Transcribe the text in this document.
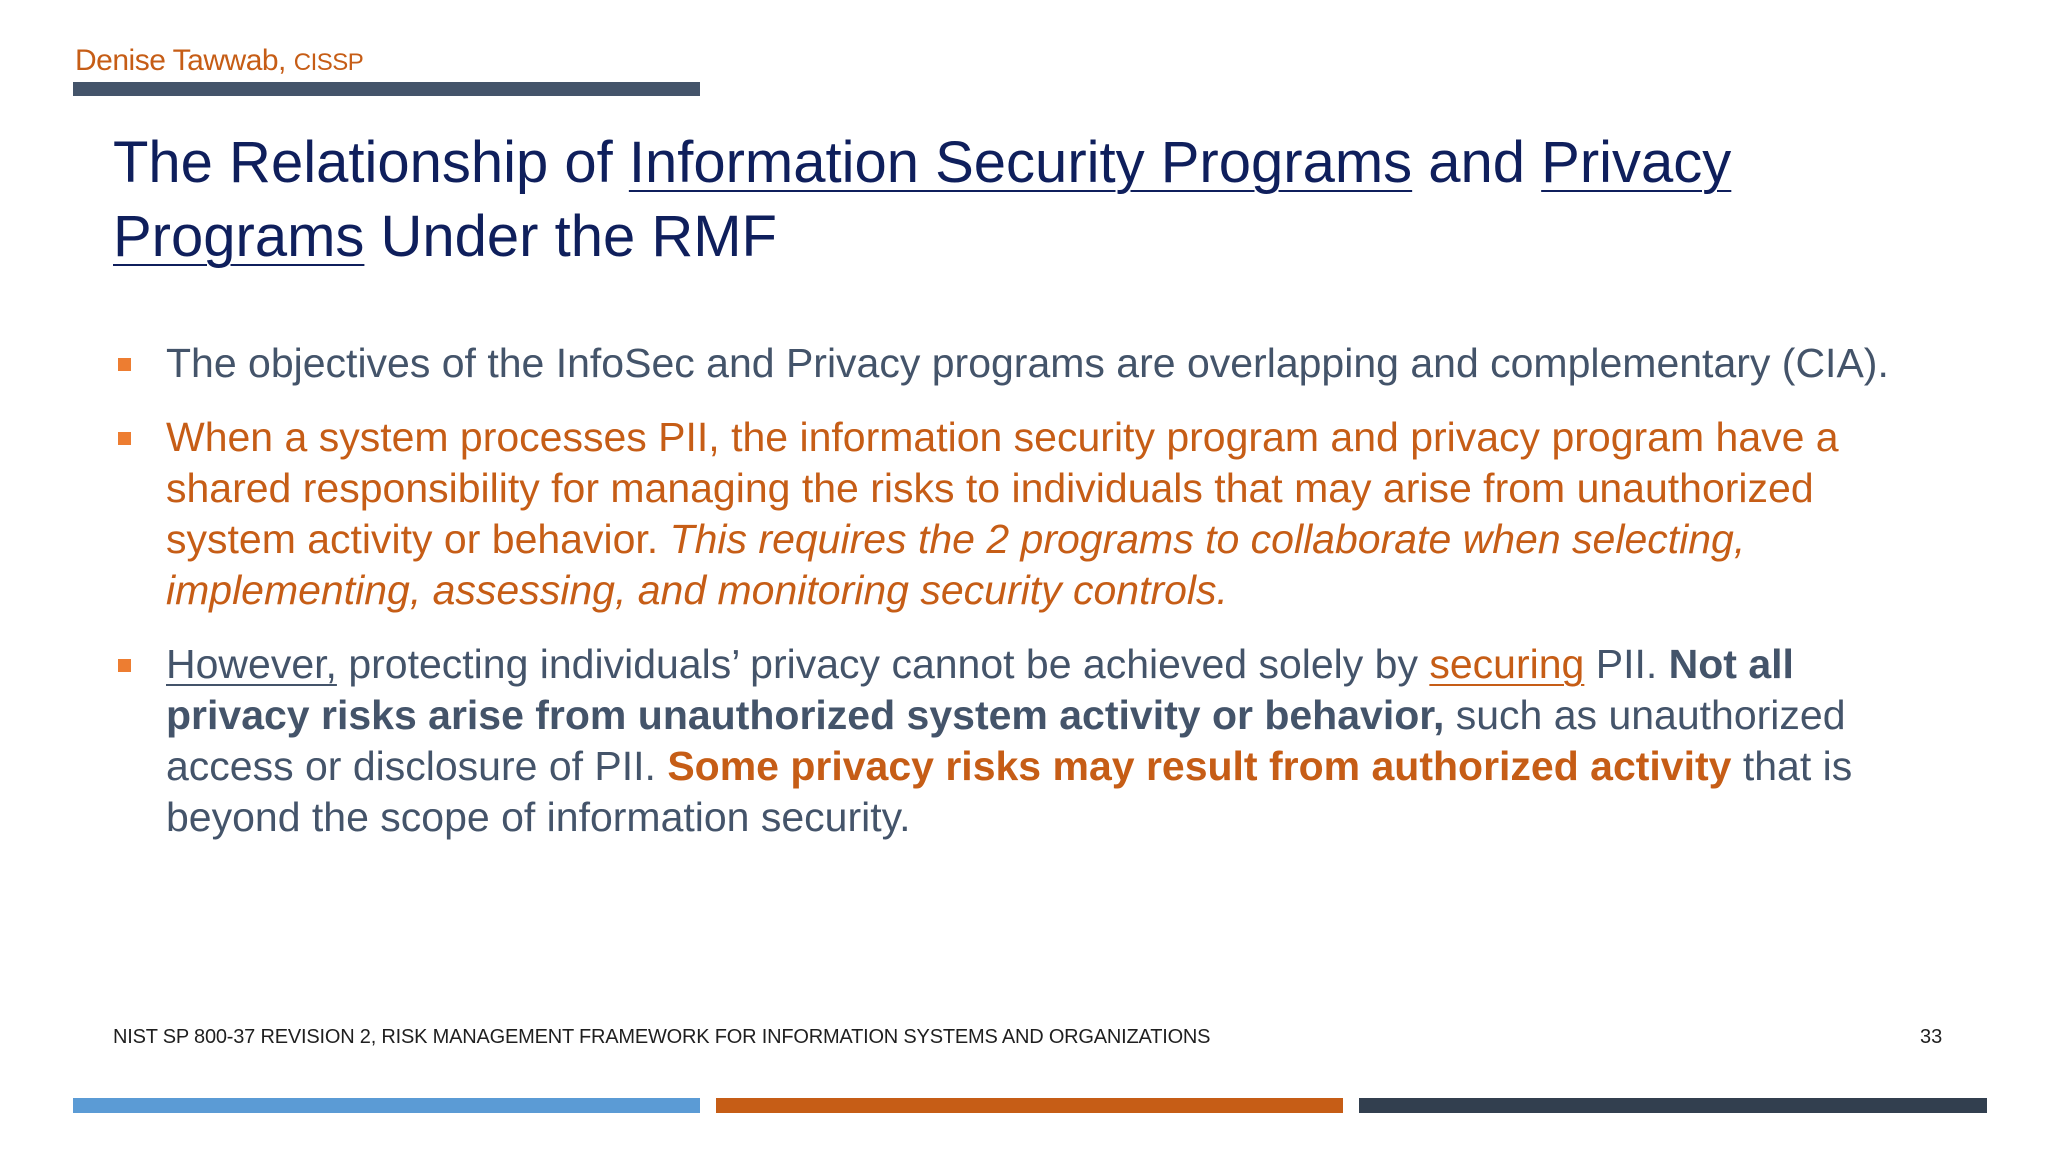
Denise Tawwab, CISSP
The Relationship of Information Security Programs and Privacy
Programs Under the RMF
The objectives of the InfoSec and Privacy programs are overlapping and complementary (CIA).
When a system processes PII, the information security program and privacy program have a shared responsibility for managing the risks to individuals that may arise from unauthorized system activity or behavior. This requires the 2 programs to collaborate when selecting, implementing, assessing, and monitoring security controls.
However, protecting individuals’ privacy cannot be achieved solely by securing PII. Not all privacy risks arise from unauthorized system activity or behavior, such as unauthorized access or disclosure of PII. Some privacy risks may result from authorized activity that is beyond the scope of information security.
NIST SP 800-37 REVISION 2, RISK MANAGEMENT FRAMEWORK FOR INFORMATION SYSTEMS AND ORGANIZATIONS	33
